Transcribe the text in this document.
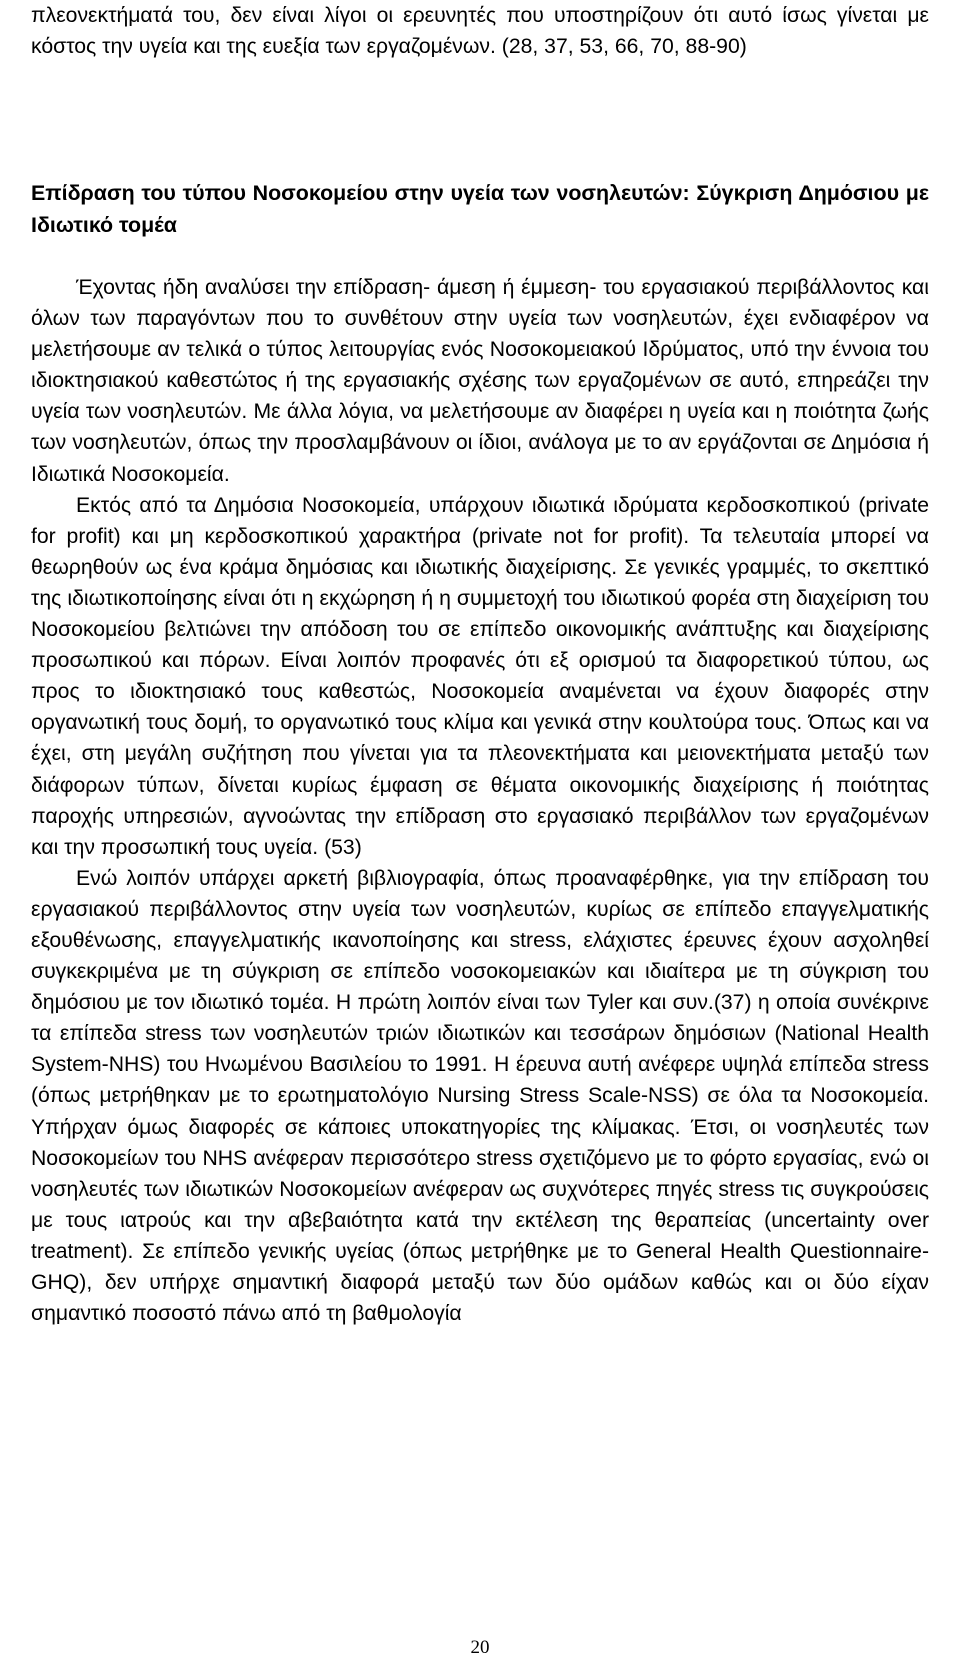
πλεονεκτήματά του, δεν είναι λίγοι οι ερευνητές που υποστηρίζουν ότι αυτό ίσως γίνεται με κόστος την υγεία και της ευεξία των εργαζομένων. (28, 37, 53, 66, 70, 88-90)

Επίδραση του τύπου Νοσοκομείου στην υγεία των νοσηλευτών: Σύγκριση Δημόσιου με Ιδιωτικό τομέα

Έχοντας ήδη αναλύσει την επίδραση- άμεση ή έμμεση- του εργασιακού περιβάλλοντος και όλων των παραγόντων που το συνθέτουν στην υγεία των νοσηλευτών, έχει ενδιαφέρον να μελετήσουμε αν τελικά ο τύπος λειτουργίας ενός Νοσοκομειακού Ιδρύματος, υπό την έννοια του ιδιοκτησιακού καθεστώτος ή της εργασιακής σχέσης των εργαζομένων σε αυτό, επηρεάζει την υγεία των νοσηλευτών. Με άλλα λόγια, να μελετήσουμε αν διαφέρει η υγεία και η ποιότητα ζωής των νοσηλευτών, όπως την προσλαμβάνουν οι ίδιοι, ανάλογα με το αν εργάζονται σε Δημόσια ή Ιδιωτικά Νοσοκομεία.

Εκτός από τα Δημόσια Νοσοκομεία, υπάρχουν ιδιωτικά ιδρύματα κερδοσκοπικού (private for profit) και μη κερδοσκοπικού χαρακτήρα (private not for profit). Τα τελευταία μπορεί να θεωρηθούν ως ένα κράμα δημόσιας και ιδιωτικής διαχείρισης. Σε γενικές γραμμές, το σκεπτικό της ιδιωτικοποίησης είναι ότι η εκχώρηση ή η συμμετοχή του ιδιωτικού φορέα στη διαχείριση του Νοσοκομείου βελτιώνει την απόδοση του σε επίπεδο οικονομικής ανάπτυξης και διαχείρισης προσωπικού και πόρων. Είναι λοιπόν προφανές ότι εξ ορισμού τα διαφορετικού τύπου, ως προς το ιδιοκτησιακό τους καθεστώς, Νοσοκομεία αναμένεται να έχουν διαφορές στην οργανωτική τους δομή, το οργανωτικό τους κλίμα και γενικά στην κουλτούρα τους. Όπως και να έχει, στη μεγάλη συζήτηση που γίνεται για τα πλεονεκτήματα και μειονεκτήματα μεταξύ των διάφορων τύπων, δίνεται κυρίως έμφαση σε θέματα οικονομικής διαχείρισης ή ποιότητας παροχής υπηρεσιών, αγνοώντας την επίδραση στο εργασιακό περιβάλλον των εργαζομένων και την προσωπική τους υγεία. (53)

Ενώ λοιπόν υπάρχει αρκετή βιβλιογραφία, όπως προαναφέρθηκε, για την επίδραση του εργασιακού περιβάλλοντος στην υγεία των νοσηλευτών, κυρίως σε επίπεδο επαγγελματικής εξουθένωσης, επαγγελματικής ικανοποίησης και stress, ελάχιστες έρευνες έχουν ασχοληθεί συγκεκριμένα με τη σύγκριση σε επίπεδο νοσοκομειακών και ιδιαίτερα με τη σύγκριση του δημόσιου με τον ιδιωτικό τομέα. Η πρώτη λοιπόν είναι των Tyler και συν.(37) η οποία συνέκρινε τα επίπεδα stress των νοσηλευτών τριών ιδιωτικών και τεσσάρων δημόσιων (National Health System-NHS) του Ηνωμένου Βασιλείου το 1991. Η έρευνα αυτή ανέφερε υψηλά επίπεδα stress (όπως μετρήθηκαν με το ερωτηματολόγιο Nursing Stress Scale-NSS) σε όλα τα Νοσοκομεία. Υπήρχαν όμως διαφορές σε κάποιες υποκατηγορίες της κλίμακας. Έτσι, οι νοσηλευτές των Νοσοκομείων του NHS ανέφεραν περισσότερο stress σχετιζόμενο με το φόρτο εργασίας, ενώ οι νοσηλευτές των ιδιωτικών Νοσοκομείων ανέφεραν ως συχνότερες πηγές stress τις συγκρούσεις με τους ιατρούς και την αβεβαιότητα κατά την εκτέλεση της θεραπείας (uncertainty over treatment). Σε επίπεδο γενικής υγείας (όπως μετρήθηκε με το General Health Questionnaire-GHQ), δεν υπήρχε σημαντική διαφορά μεταξύ των δύο ομάδων καθώς και οι δύο είχαν σημαντικό ποσοστό πάνω από τη βαθμολογία

20
